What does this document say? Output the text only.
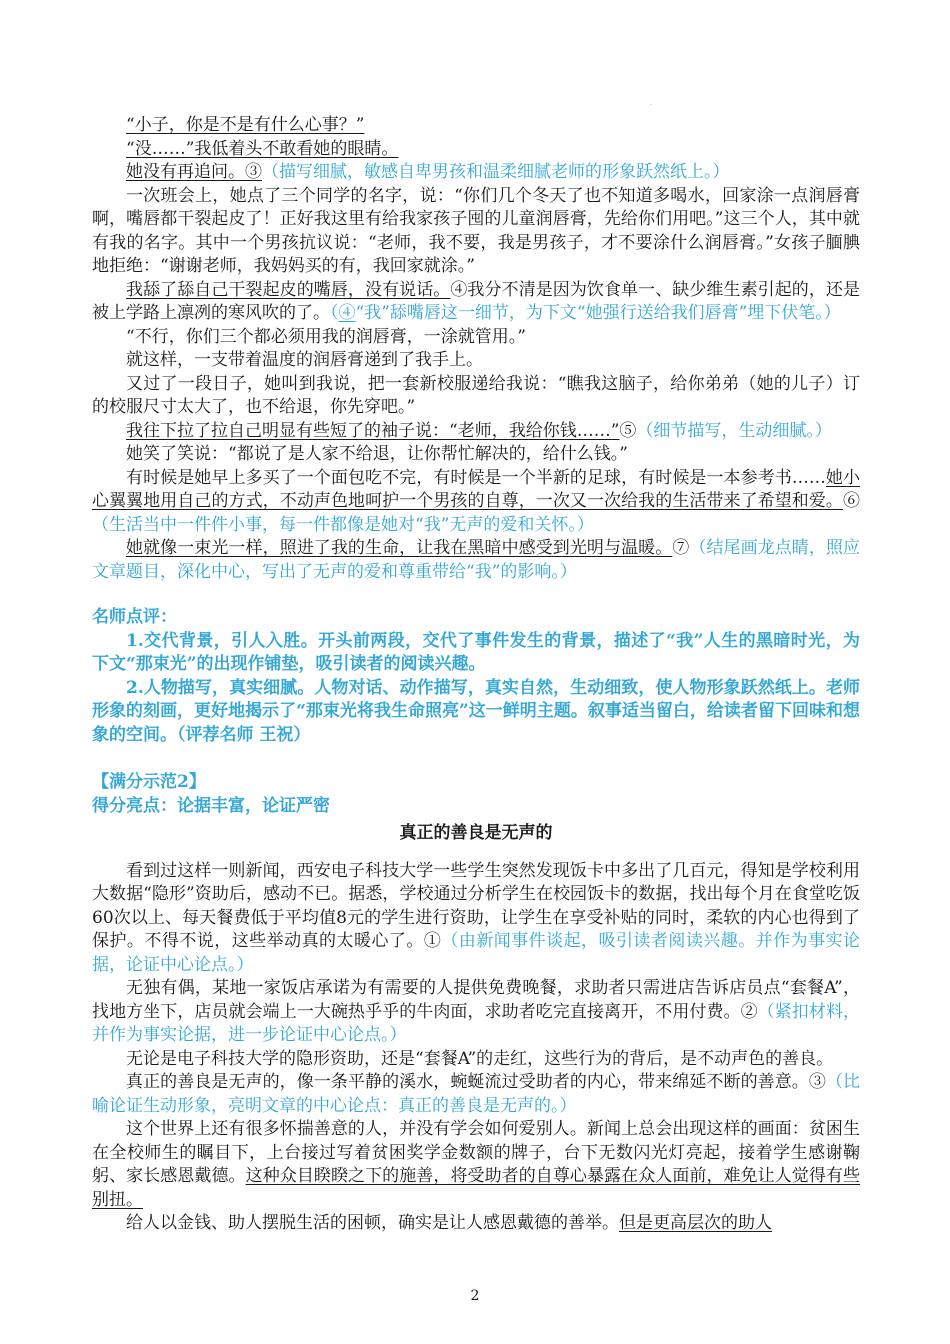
.

“小子，你是不是有什么心事？”

“没……”我低着头不敢看她的眼睛。

她没有再追问。③（描写细腻，敏感自卑男孩和温柔细腻老师的形象跃然纸上。）

一次班会上，她点了三个同学的名字，说：“你们几个冬天了也不知道多喝水，回家涂一点润唇膏啊，嘴唇都干裂起皮了！正好我这里有给我家孩子囤的儿童润唇膏，先给你们用吧。”这三个人，其中就有我的名字。其中一个男孩抗议说：“老师，我不要，我是男孩子，才不要涂什么润唇膏。”女孩子腼腆地拒绝：“谢谢老师，我妈妈买的有，我回家就涂。”

我舔了舔自己干裂起皮的嘴唇，没有说话。④我分不清是因为饮食单一、缺少维生素引起的，还是被上学路上凛冽的寒风吹的了。（④“我”舔嘴唇这一细节，为下文“她强行送给我们唇膏”埋下伏笔。）

“不行，你们三个都必须用我的润唇膏，一涂就管用。”

就这样，一支带着温度的润唇膏递到了我手上。

又过了一段日子，她叫到我说，把一套新校服递给我说：“瞧我这脑子，给你弟弟（她的儿子）订的校服尺寸太大了，也不给退，你先穿吧。”

我往下拉了拉自己明显有些短了的袖子说：“老师，我给你钱……”⑤（细节描写，生动细腻。）

她笑了笑说：“都说了是人家不给退，让你帮忙解决的，给什么钱。”

有时候是她早上多买了一个面包吃不完，有时候是一个半新的足球，有时候是一本参考书……她小心翼翼地用自己的方式，不动声色地呵护一个男孩的自尊，一次又一次给我的生活带来了希望和爱。⑥（生活当中一件件小事，每一件都像是她对“我”无声的爱和关怀。）

她就像一束光一样，照进了我的生命，让我在黑暗中感受到光明与温暖。⑦（结尾画龙点睛，照应文章题目，深化中心，写出了无声的爱和尊重带给“我”的影响。）

名师点评：

1.交代背景，引人入胜。开头前两段，交代了事件发生的背景，描述了“我”人生的黑暗时光，为下文“那束光”的出现作铺垫，吸引读者的阅读兴趣。

2.人物描写，真实细腻。人物对话、动作描写，真实自然，生动细致，使人物形象跃然纸上。老师形象的刻画，更好地揭示了“那束光将我生命照亮”这一鲜明主题。叙事适当留白，给读者留下回味和想象的空间。（评荐名师 王祝）

【满分示范2】

得分亮点：论据丰富，论证严密

真正的善良是无声的

看到过这样一则新闻，西安电子科技大学一些学生突然发现饭卡中多出了几百元，得知是学校利用大数据“隐形”资助后，感动不已。据悉，学校通过分析学生在校园饭卡的数据，找出每个月在食堂吃饭60次以上、每天餐费低于平均值8元的学生进行资助，让学生在享受补贴的同时，柔软的内心也得到了保护。不得不说，这些举动真的太暖心了。①（由新闻事件谈起，吸引读者阅读兴趣。并作为事实论据，论证中心论点。）

无独有偶，某地一家饭店承诺为有需要的人提供免费晚餐，求助者只需进店告诉店员点“套餐A”，找地方坐下，店员就会端上一大碗热乎乎的牛肉面，求助者吃完直接离开，不用付费。②（紧扣材料，并作为事实论据，进一步论证中心论点。）

无论是电子科技大学的隐形资助，还是“套餐A”的走红，这些行为的背后，是不动声色的善良。

真正的善良是无声的，像一条平静的溪水，蜿蜒流过受助者的内心，带来绵延不断的善意。③（比喻论证生动形象，亮明文章的中心论点：真正的善良是无声的。）

这个世界上还有很多怀揣善意的人，并没有学会如何爱别人。新闻上总会出现这样的画面：贫困生在全校师生的瞩目下，上台接过写着贫困奖学金数额的牌子，台下无数闪光灯亮起，接着学生感谢鞠躬、家长感恩戴德。这种众目睽睽之下的施善，将受助者的自尊心暴露在众人面前，难免让人觉得有些别扭。

给人以金钱、助人摆脱生活的困顿，确实是让人感恩戴德的善举。但是更高层次的助人

2
